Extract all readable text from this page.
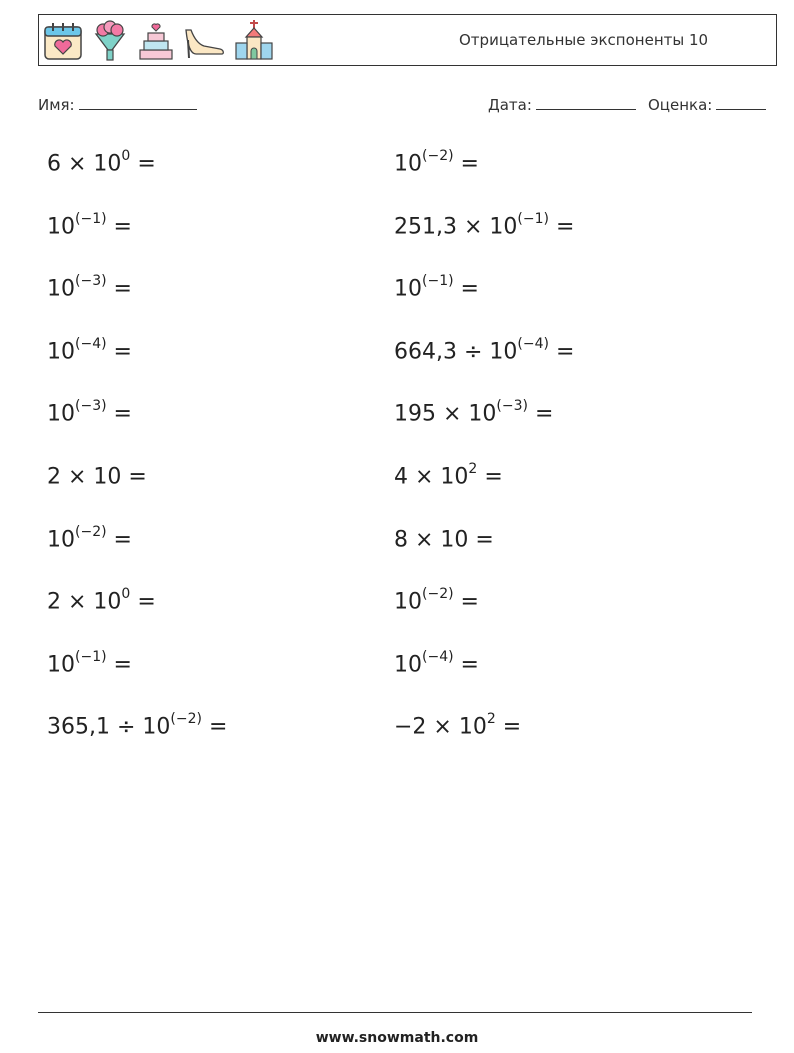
Отрицательные экспоненты 10
Имя:	Дата:	Оценка:
$6 \times 10^0$ =	$10^{(-2)}$ =
$10^{(-1)}$ =	$251,3 \times 10^{(-1)}$ =
$10^{(-3)}$ =	$10^{(-1)}$ =
$10^{(-4)}$ =	$664,3 \div 10^{(-4)}$ =
$10^{(-3)}$ =	$195 \times 10^{(-3)}$ =
2 × 10 =	$4 \times 10^2$ =
$10^{(-2)}$ =	8 × 10 =
$2 \times 10^0$ =	$10^{(-2)}$ =
$10^{(-1)}$ =	$10^{(-4)}$ =
$365,1 \div 10^{(-2)}$ =	$-2 \times 10^2$ =
www.snowmath.com
